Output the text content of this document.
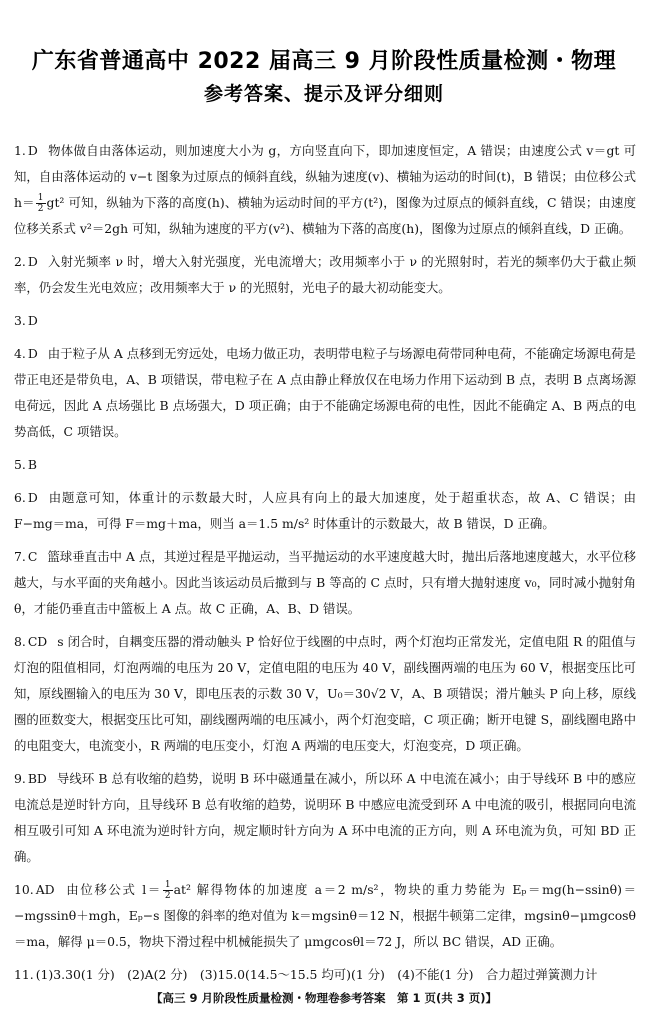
广东省普通高中 2022 届高三 9 月阶段性质量检测・物理
参考答案、提示及评分细则

1. D 物体做自由落体运动，则加速度大小为 g，方向竖直向下，即加速度恒定，A 错误；由速度公式 v＝gt 可知，自由落体运动的 v−t 图象为过原点的倾斜直线，纵轴为速度(v)、横轴为运动的时间(t)，B 错误；由位移公式 $h= \frac{1}{2} gt^2$ 可知，纵轴为下落的高度(h)、横轴为运动时间的平方(t²)，图像为过原点的倾斜直线，C 错误；由速度位移关系式 v²＝2gh 可知，纵轴为速度的平方(v²)、横轴为下落的高度(h)，图像为过原点的倾斜直线，D 正确。

2. D 入射光频率 ν 时，增大入射光强度，光电流增大；改用频率小于 ν 的光照射时，若光的频率仍大于截止频率，仍会发生光电效应；改用频率大于 ν 的光照射，光电子的最大初动能变大。

3. D

4. D 由于粒子从 A 点移到无穷远处，电场力做正功，表明带电粒子与场源电荷带同种电荷，不能确定场源电荷是带正电还是带负电，A、B 项错误，带电粒子在 A 点由静止释放仅在电场力作用下运动到 B 点，表明 B 点离场源电荷远，因此 A 点场强比 B 点场强大，D 项正确；由于不能确定场源电荷的电性，因此不能确定 A、B 两点的电势高低，C 项错误。

5. B

6. D 由题意可知，体重计的示数最大时，人应具有向上的最大加速度，处于超重状态，故 A、C 错误；由 F−mg＝ma，可得 F＝mg＋ma，则当 a＝1.5 m/s² 时体重计的示数最大，故 B 错误，D 正确。

7. C 篮球垂直击中 A 点，其逆过程是平抛运动，当平抛运动的水平速度越大时，抛出后落地速度越大，水平位移越大，与水平面的夹角越小。因此当该运动员后撤到与 B 等高的 C 点时，只有增大抛射速度 v₀，同时减小抛射角 θ，才能仍垂直击中篮板上 A 点。故 C 正确，A、B、D 错误。

8. CD s 闭合时，自耦变压器的滑动触头 P 恰好位于线圈的中点时，两个灯泡均正常发光，定值电阻 R 的阻值与灯泡的阻值相同，灯泡两端的电压为 20 V，定值电阻的电压为 40 V，副线圈两端的电压为 60 V，根据变压比可知，原线圈输入的电压为 30 V，即电压表的示数 30 V，U₀＝30√2 V，A、B 项错误；滑片触头 P 向上移，原线圈的匝数变大，根据变压比可知，副线圈两端的电压减小，两个灯泡变暗，C 项正确；断开电键 S，副线圈电路中的电阻变大，电流变小，R 两端的电压变小，灯泡 A 两端的电压变大，灯泡变亮，D 项正确。

9. BD 导线环 B 总有收缩的趋势，说明 B 环中磁通量在减小，所以环 A 中电流在减小；由于导线环 B 中的感应电流总是逆时针方向，且导线环 B 总有收缩的趋势，说明环 B 中感应电流受到环 A 中电流的吸引，根据同向电流相互吸引可知 A 环电流为逆时针方向，规定顺时针方向为 A 环中电流的正方向，则 A 环电流为负，可知 BD 正确。

10. AD 由位移公式 $l= \frac{1}{2} at^2$ 解得物体的加速度 a＝2 m/s²，物块的重力势能为 Eₚ＝mg(h−ssinθ)＝−mgssinθ＋mgh，Eₚ−s 图像的斜率的绝对值为 k＝mgsinθ＝12 N，根据牛顿第二定律，mgsinθ−μmgcosθ＝ma，解得 μ＝0.5，物块下滑过程中机械能损失了 μmgcosθl＝72 J，所以 BC 错误，AD 正确。

11. (1)3.30(1 分)　(2)A(2 分)　(3)15.0(14.5～15.5 均可)(1 分)　(4)不能(1 分)　合力超过弹簧测力计

【高三 9 月阶段性质量检测・物理卷参考答案　第 1 页(共 3 页)】
